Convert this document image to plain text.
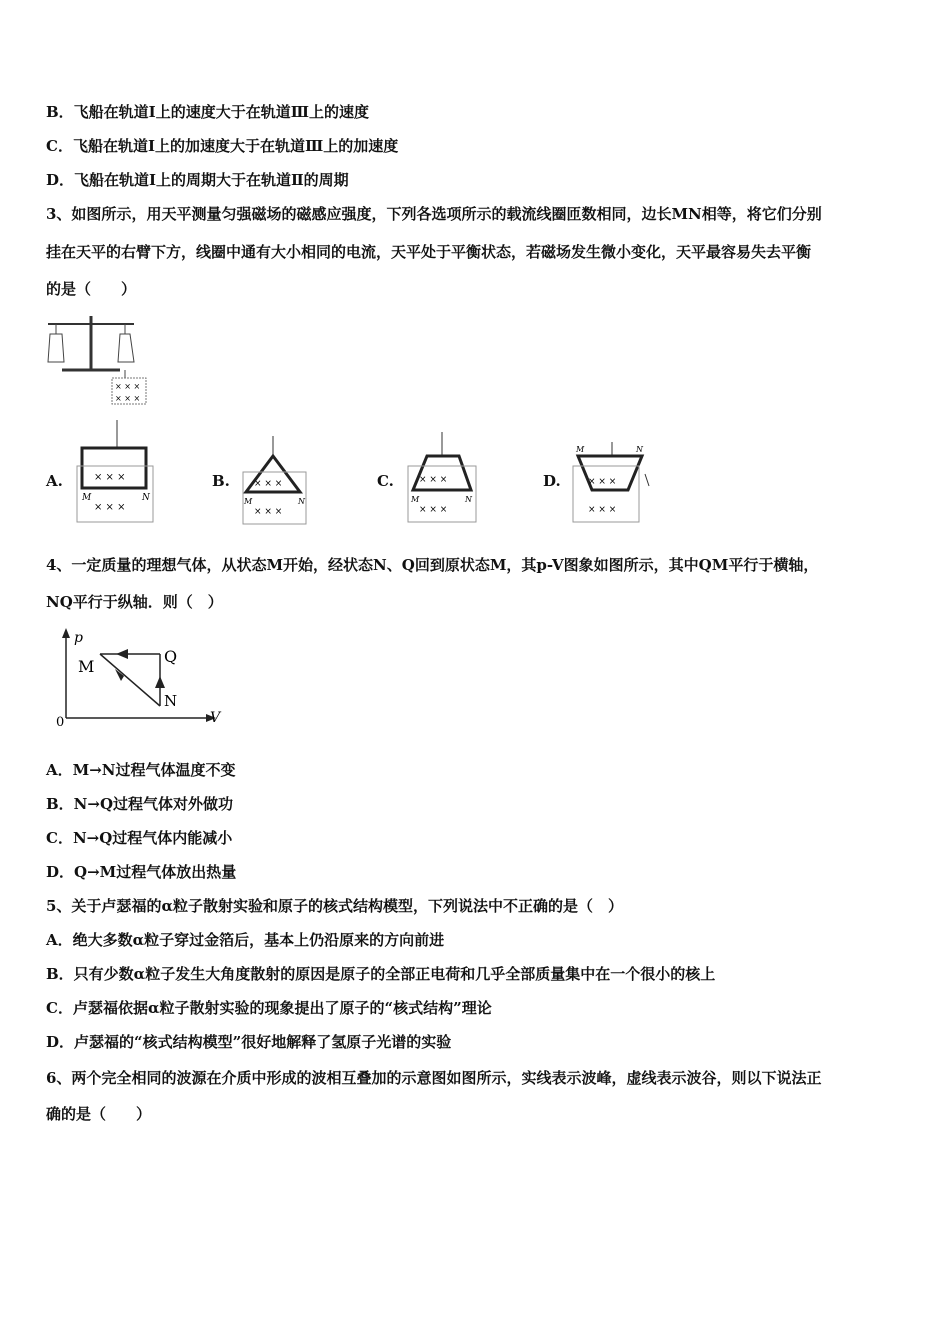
B．飞船在轨道Ⅰ上的速度大于在轨道Ⅲ上的速度
C．飞船在轨道Ⅰ上的加速度大于在轨道Ⅲ上的加速度
D．飞船在轨道Ⅰ上的周期大于在轨道Ⅱ的周期
3、如图所示，用天平测量匀强磁场的磁感应强度，下列各选项所示的载流线圈匝数相同，边长MN相等，将它们分别
挂在天平的右臂下方，线圈中通有大小相同的电流，天平处于平衡状态，若磁场发生微小变化，天平最容易失去平衡
的是（　　）
× × ×
× × ×
A.	× × ×
× × ×
M	N
B.	× × ×
× × ×
M	N
C.	× × ×
× × ×
M	N
D.	× × ×
× × ×
M	N
4、一定质量的理想气体，从状态M开始，经状态N、Q回到原状态M，其p-V图象如图所示，其中QM平行于横轴，
NQ平行于纵轴．则（　）
p
V
0
M
Q
N
A．M→N过程气体温度不变
B．N→Q过程气体对外做功
C．N→Q过程气体内能减小
D．Q→M过程气体放出热量
5、关于卢瑟福的α粒子散射实验和原子的核式结构模型，下列说法中不正确的是（　）
A．绝大多数α粒子穿过金箔后，基本上仍沿原来的方向前进
B．只有少数α粒子发生大角度散射的原因是原子的全部正电荷和几乎全部质量集中在一个很小的核上
C．卢瑟福依据α粒子散射实验的现象提出了原子的“核式结构”理论
D．卢瑟福的“核式结构模型”很好地解释了氢原子光谱的实验
6、两个完全相同的波源在介质中形成的波相互叠加的示意图如图所示，实线表示波峰，虚线表示波谷，则以下说法正
确的是（　　）
